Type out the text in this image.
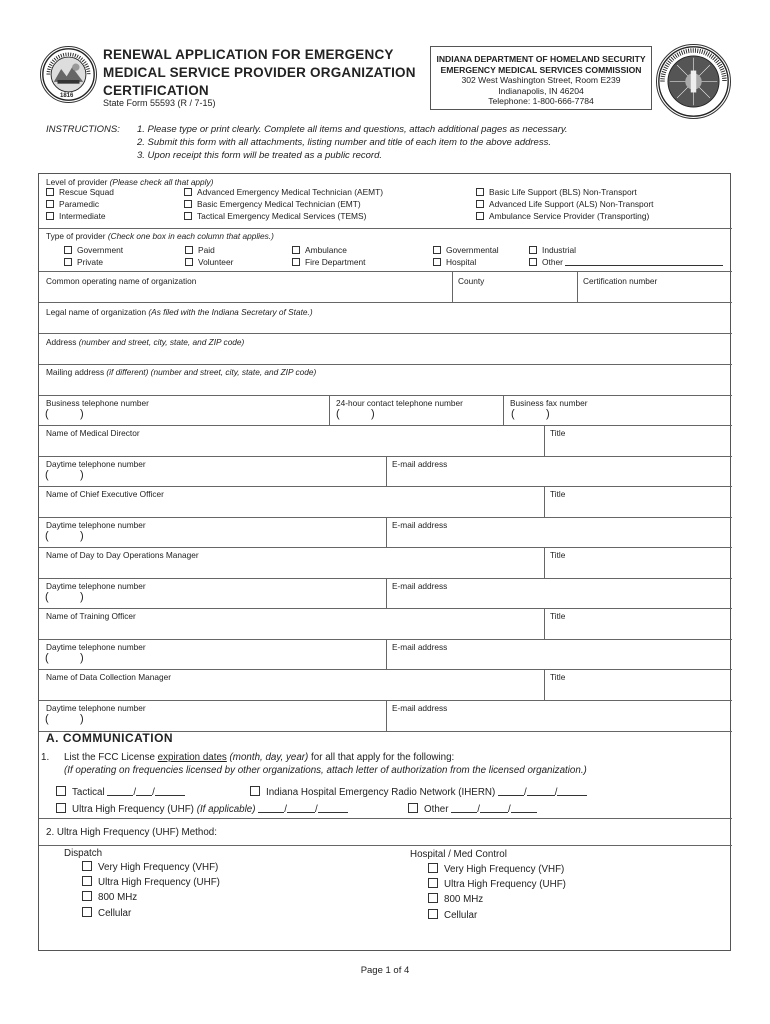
1816
RENEWAL APPLICATION FOR EMERGENCY
MEDICAL SERVICE PROVIDER ORGANIZATION
CERTIFICATION
State Form 55593 (R / 7-15)
INDIANA DEPARTMENT OF HOMELAND SECURITY
EMERGENCY MEDICAL SERVICES COMMISSION
302 West Washington Street, Room E239
Indianapolis, IN 46204
Telephone: 1-800-666-7784
INSTRUCTIONS: 1. Please type or print clearly. Complete all items and questions, attach additional pages as necessary.
2. Submit this form with all attachments, listing number and title of each item to the above address.
3. Upon receipt this form will be treated as a public record.
Level of provider (Please check all that apply)
Rescue Squad
Paramedic
Intermediate
Advanced Emergency Medical Technician (AEMT)
Basic Emergency Medical Technician (EMT)
Tactical Emergency Medical Services (TEMS)
Basic Life Support (BLS) Non-Transport
Advanced Life Support (ALS) Non-Transport
Ambulance Service Provider (Transporting)
Type of provider (Check one box in each column that applies.)
Government
Private
Paid
Volunteer
Ambulance
Fire Department
Governmental
Hospital
Industrial
Other
Common operating name of organization	County	Certification number
Legal name of organization (As filed with the Indiana Secretary of State.)
Address (number and street, city, state, and ZIP code)
Mailing address (if different) (number and street, city, state, and ZIP code)
Business telephone number	24-hour contact telephone number	Business fax number
(	)	(	)	(	)
Name of Medical Director	Title
Daytime telephone number	E-mail address
(	)
Name of Chief Executive Officer	Title
Daytime telephone number	E-mail address
(	)
Name of Day to Day Operations Manager	Title
Daytime telephone number	E-mail address
(	)
Name of Training Officer	Title
Daytime telephone number	E-mail address
(	)
Name of Data Collection Manager	Title
Daytime telephone number	E-mail address
(	)
A. COMMUNICATION
1. List the FCC License expiration dates (month, day, year) for all that apply for the following:
(If operating on frequencies licensed by other organizations, attach letter of authorization from the licensed organization.)
Tactical	/ /	Indiana Hospital Emergency Radio Network (IHERN)	/	/
Ultra High Frequency (UHF) (If applicable)	/	/	Other	/	/
2. Ultra High Frequency (UHF) Method:
Dispatch
Very High Frequency (VHF)
Ultra High Frequency (UHF)
800 MHz
Cellular
Hospital / Med Control
Very High Frequency (VHF)
Ultra High Frequency (UHF)
800 MHz
Cellular
Page 1 of 4
